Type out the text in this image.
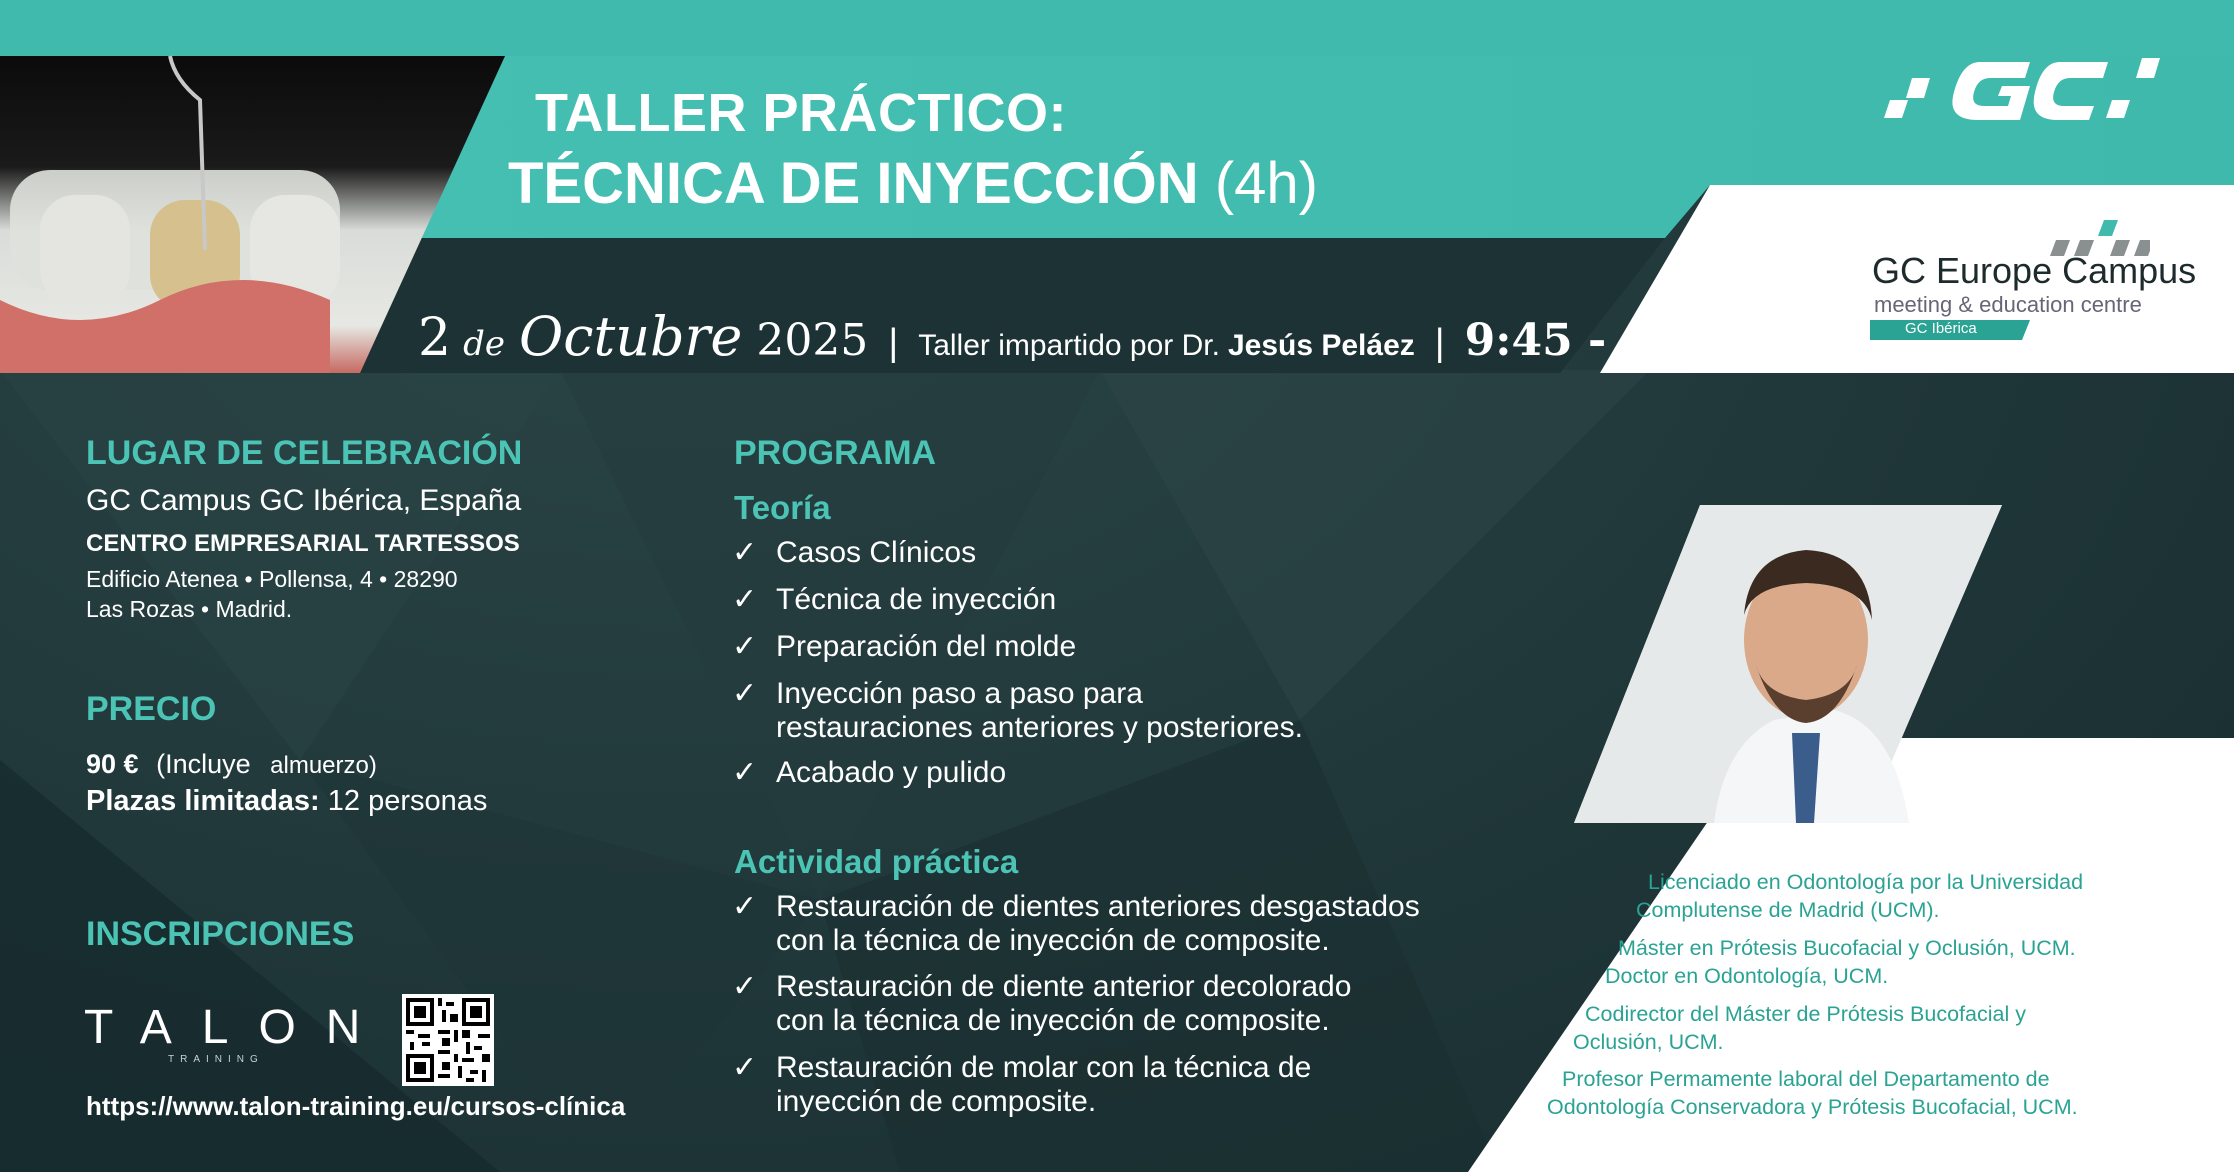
TALLER PRÁCTICO:
TÉCNICA DE INYECCIÓN (4h)
2 de Octubre 2025 | Taller impartido por Dr. Jesús Peláez | 9:45 - 14:00h
GC Europe Campus
meeting & education centre
GC Ibérica
LUGAR DE CELEBRACIÓN
GC Campus GC Ibérica, España
CENTRO EMPRESARIAL TARTESSOS
Edificio Atenea • Pollensa, 4 • 28290
Las Rozas • Madrid.
PRECIO
90 € (Incluye almuerzo)
Plazas limitadas: 12 personas
INSCRIPCIONES
TALON
TRAINING
https://www.talon-training.eu/cursos-clínica
PROGRAMA
Teoría
✓ Casos Clínicos
✓ Técnica de inyección
✓ Preparación del molde
✓ Inyección paso a paso para
restauraciones anteriores y posteriores.
✓ Acabado y pulido
Actividad práctica
✓ Restauración de dientes anteriores desgastados
con la técnica de inyección de composite.
✓ Restauración de diente anterior decolorado
con la técnica de inyección de composite.
✓ Restauración de molar con la técnica de
inyección de composite.
Licenciado en Odontología por la Universidad
Complutense de Madrid (UCM).
Máster en Prótesis Bucofacial y Oclusión, UCM.
Doctor en Odontología, UCM.
Codirector del Máster de Prótesis Bucofacial y
Oclusión, UCM.
Profesor Permamente laboral del Departamento de
Odontología Conservadora y Prótesis Bucofacial, UCM.
